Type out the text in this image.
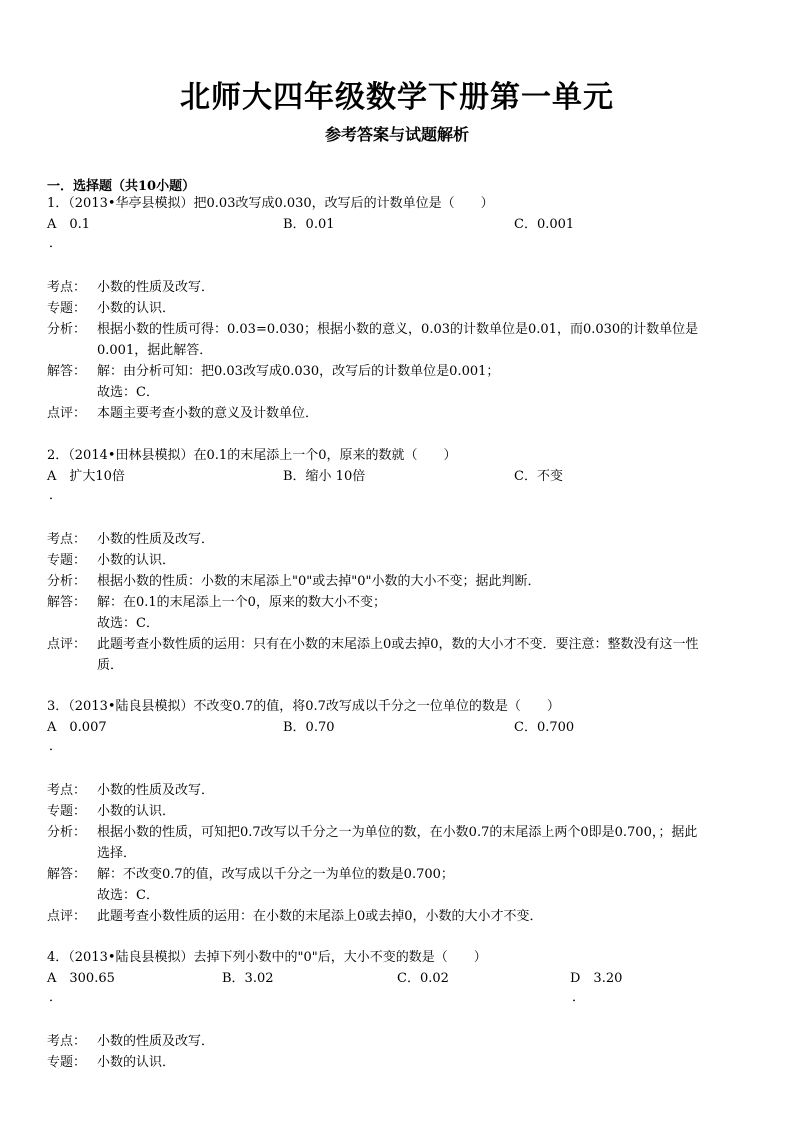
北师大四年级数学下册第一单元
参考答案与试题解析
一．选择题（共10小题）
1．（2013•华亭县模拟）把0.03改写成0.030，改写后的计数单位是（　　）
A　0.1	B．0.01	C．0.001
．
考点： 小数的性质及改写．
专题： 小数的认识．
分析： 根据小数的性质可得：0.03=0.030；根据小数的意义，0.03的计数单位是0.01，而0.030的计数单位是
0.001，据此解答．
解答： 解：由分析可知：把0.03改写成0.030，改写后的计数单位是0.001；
故选：C．
点评： 本题主要考查小数的意义及计数单位．
2．（2014•田林县模拟）在0.1的末尾添上一个0，原来的数就（　　）
A　扩大10倍	B．缩小 10倍	C．不变
．
考点： 小数的性质及改写．
专题： 小数的认识．
分析： 根据小数的性质：小数的末尾添上"0"或去掉"0"小数的大小不变；据此判断．
解答： 解：在0.1的末尾添上一个0，原来的数大小不变；
故选：C．
点评： 此题考查小数性质的运用：只有在小数的末尾添上0或去掉0，数的大小才不变．要注意：整数没有这一性
质．
3．（2013•陆良县模拟）不改变0.7的值，将0.7改写成以千分之一位单位的数是（　　）
A　0.007	B．0.70	C．0.700
．
考点： 小数的性质及改写．
专题： 小数的认识．
分析： 根据小数的性质，可知把0.7改写以千分之一为单位的数，在小数0.7的末尾添上两个0即是0.700，；据此
选择．
解答： 解：不改变0.7的值，改写成以千分之一为单位的数是0.700；
故选：C．
点评： 此题考查小数性质的运用：在小数的末尾添上0或去掉0，小数的大小才不变．
4．（2013•陆良县模拟）去掉下列小数中的"0"后，大小不变的数是（　　）
A　300.65	B．3.02	C．0.02	D　3.20
．	．
考点： 小数的性质及改写．
专题： 小数的认识．
